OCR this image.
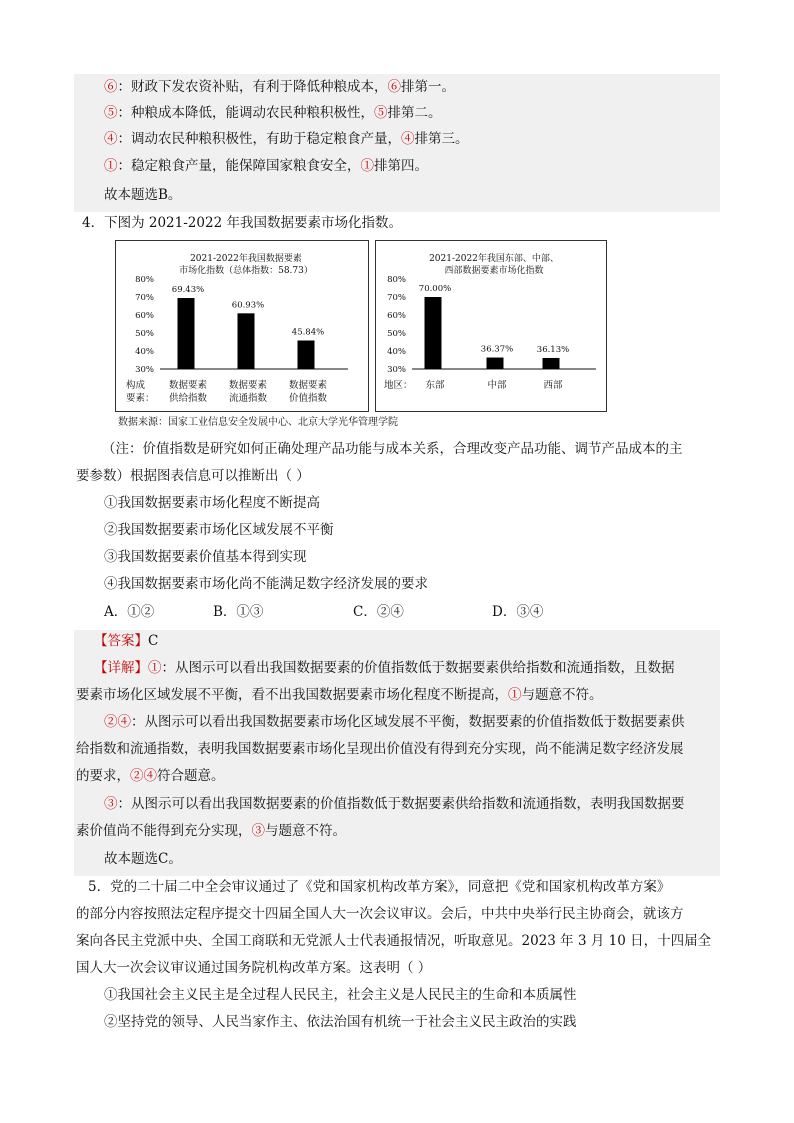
⑥：财政下发农资补贴，有利于降低种粮成本，⑥排第一。
⑤：种粮成本降低，能调动农民种粮积极性，⑤排第二。
④：调动农民种粮积极性，有助于稳定粮食产量，④排第三。
①：稳定粮食产量，能保障国家粮食安全，①排第四。
故本题选B。
4．下图为 2021-2022 年我国数据要素市场化指数。
2021-2022年我国数据要素
市场化指数（总体指数：58.73）
80%
70%
60%
50%
40%
30%
69.43%
数据要素
供给指数
60.93%
数据要素
流通指数
45.84%
数据要素
价值指数
构成
要素：
2021-2022年我国东部、中部、
西部数据要素市场化指数
80%
70%
60%
50%
40%
30%
70.00%
东部
36.37%
中部
36.13%
西部
地区：
数据来源：国家工业信息安全发展中心、北京大学光华管理学院
（注：价值指数是研究如何正确处理产品功能与成本关系，合理改变产品功能、调节产品成本的主
要参数）根据图表信息可以推断出（ ）
①我国数据要素市场化程度不断提高
②我国数据要素市场化区域发展不平衡
③我国数据要素价值基本得到实现
④我国数据要素市场化尚不能满足数字经济发展的要求
A．①②	B．①③	C．②④	D．③④
【答案】C
【详解】①：从图示可以看出我国数据要素的价值指数低于数据要素供给指数和流通指数，且数据
要素市场化区域发展不平衡，看不出我国数据要素市场化程度不断提高，①与题意不符。
②④：从图示可以看出我国数据要素市场化区域发展不平衡，数据要素的价值指数低于数据要素供
给指数和流通指数，表明我国数据要素市场化呈现出价值没有得到充分实现，尚不能满足数字经济发展
的要求，②④符合题意。
③：从图示可以看出我国数据要素的价值指数低于数据要素供给指数和流通指数，表明我国数据要
素价值尚不能得到充分实现，③与题意不符。
故本题选C。
5．党的二十届二中全会审议通过了《党和国家机构改革方案》，同意把《党和国家机构改革方案》
的部分内容按照法定程序提交十四届全国人大一次会议审议。会后，中共中央举行民主协商会，就该方
案向各民主党派中央、全国工商联和无党派人士代表通报情况，听取意见。2023 年 3 月 10 日，十四届全
国人大一次会议审议通过国务院机构改革方案。这表明（ ）
①我国社会主义民主是全过程人民民主，社会主义是人民民主的生命和本质属性
②坚持党的领导、人民当家作主、依法治国有机统一于社会主义民主政治的实践
